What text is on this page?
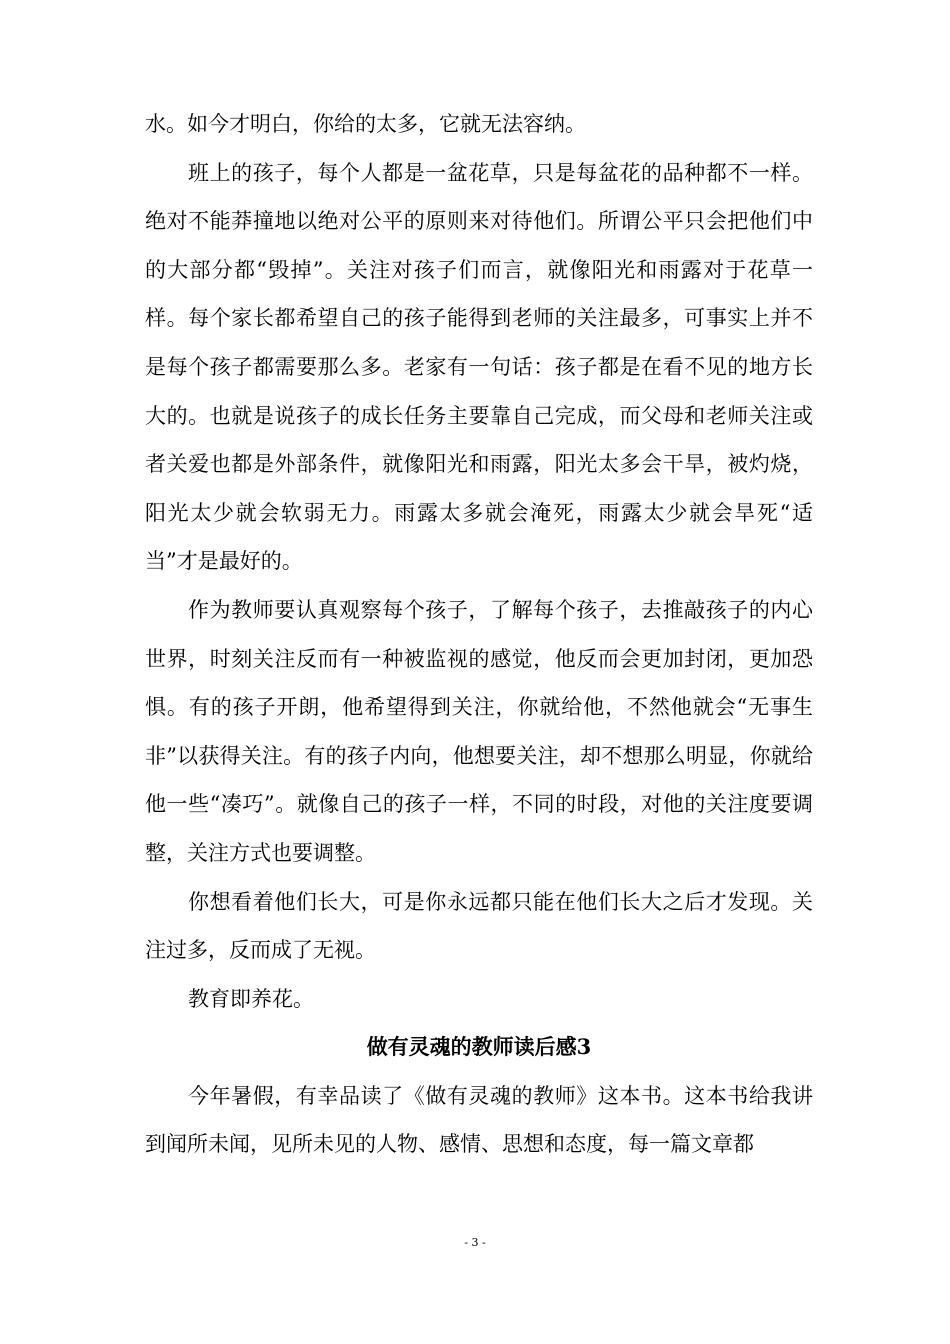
水。如今才明白，你给的太多，它就无法容纳。

班上的孩子，每个人都是一盆花草，只是每盆花的品种都不一样。绝对不能莽撞地以绝对公平的原则来对待他们。所谓公平只会把他们中的大部分都“毁掉”。关注对孩子们而言，就像阳光和雨露对于花草一样。每个家长都希望自己的孩子能得到老师的关注最多，可事实上并不是每个孩子都需要那么多。老家有一句话：孩子都是在看不见的地方长大的。也就是说孩子的成长任务主要靠自己完成，而父母和老师关注或者关爱也都是外部条件，就像阳光和雨露，阳光太多会干旱，被灼烧，阳光太少就会软弱无力。雨露太多就会淹死，雨露太少就会旱死“适当”才是最好的。

作为教师要认真观察每个孩子，了解每个孩子，去推敲孩子的内心世界，时刻关注反而有一种被监视的感觉，他反而会更加封闭，更加恐惧。有的孩子开朗，他希望得到关注，你就给他，不然他就会“无事生非”以获得关注。有的孩子内向，他想要关注，却不想那么明显，你就给他一些“凑巧”。就像自己的孩子一样，不同的时段，对他的关注度要调整，关注方式也要调整。

你想看着他们长大，可是你永远都只能在他们长大之后才发现。关注过多，反而成了无视。

教育即养花。

做有灵魂的教师读后感3

今年暑假，有幸品读了《做有灵魂的教师》这本书。这本书给我讲到闻所未闻，见所未见的人物、感情、思想和态度，每一篇文章都

- 3 -
